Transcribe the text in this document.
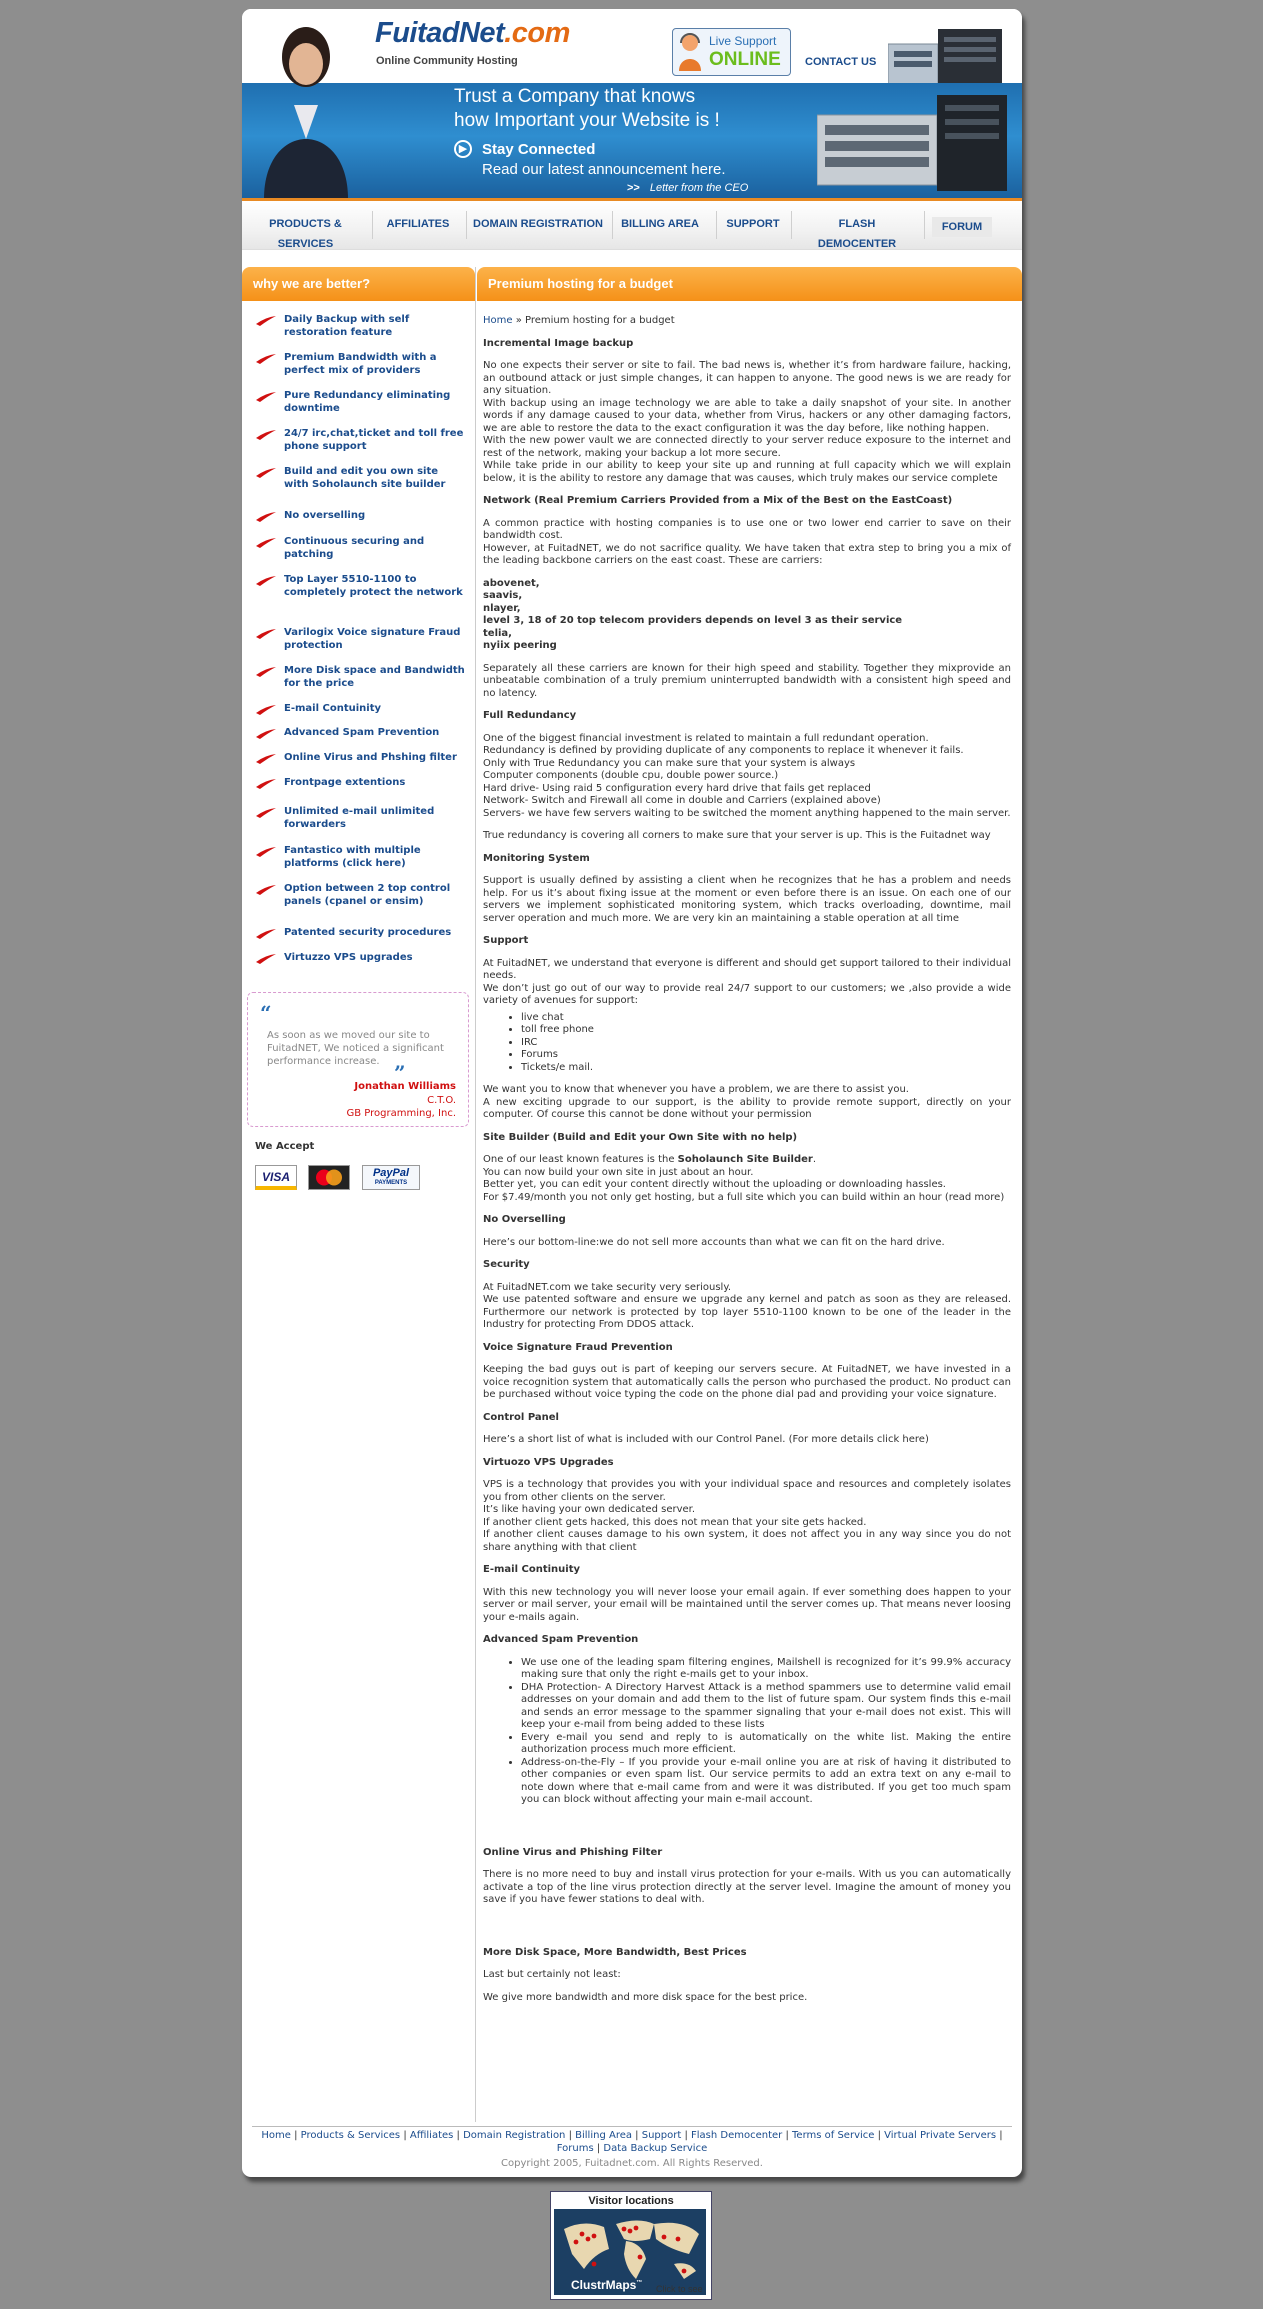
FuitadNet.com
Online Community Hosting
Live Support
ONLINE CONTACT US
Trust a Company that knows
how Important your Website is !
▶ Stay Connected
Read our latest announcement here.
>> Letter from the CEO
PRODUCTS & SERVICES
AFFILIATES	DOMAIN REGISTRATION BILLING AREA	SUPPORT	FLASH DEMOCENTER
FORUM
why we are better?
Daily Backup with self restoration feature
Premium Bandwidth with a perfect mix of providers
Pure Redundancy eliminating downtime
24/7 irc,chat,ticket and toll free phone support
Build and edit you own site with Soholaunch site builder
No overselling
Continuous securing and patching
Top Layer 5510-1100 to completely protect the network
Varilogix Voice signature Fraud protection
More Disk space and Bandwidth for the price
E-mail Contuinity
Advanced Spam Prevention
Online Virus and Phshing filter
Frontpage extentions
Unlimited e-mail unlimited forwarders
Fantastico with multiple platforms (click here)
Option between 2 top control panels (cpanel or ensim)
Patented security procedures
Virtuzzo VPS upgrades
“
As soon as we moved our site to FuitadNET, We noticed a significant performance increase. ”
Jonathan Williams
C.T.O.
GB Programming, Inc.
We Accept
VISA	PayPal
PAYMENTS
Premium hosting for a budget

Home » Premium hosting for a budget

Incremental Image backup

No one expects their server or site to fail. The bad news is, whether it’s from hardware failure, hacking, an outbound attack or just simple changes, it can happen to anyone. The good news is we are ready for any situation.
With backup using an image technology we are able to take a daily snapshot of your site. In another words if any damage caused to your data, whether from Virus, hackers or any other damaging factors, we are able to restore the data to the exact configuration it was the day before, like nothing happen.
With the new power vault we are connected directly to your server reduce exposure to the internet and rest of the network, making your backup a lot more secure.
While take pride in our ability to keep your site up and running at full capacity which we will explain below, it is the ability to restore any damage that was causes, which truly makes our service complete

Network (Real Premium Carriers Provided from a Mix of the Best on the EastCoast)

A common practice with hosting companies is to use one or two lower end carrier to save on their bandwidth cost.
However, at FuitadNET, we do not sacrifice quality. We have taken that extra step to bring you a mix of the leading backbone carriers on the east coast. These are carriers:

abovenet,
saavis,
nlayer,
level 3, 18 of 20 top telecom providers depends on level 3 as their service
telia,
nyiix peering

Separately all these carriers are known for their high speed and stability. Together they mixprovide an unbeatable combination of a truly premium uninterrupted bandwidth with a consistent high speed and no latency.

Full Redundancy

One of the biggest financial investment is related to maintain a full redundant operation.
Redundancy is defined by providing duplicate of any components to replace it whenever it fails.
Only with True Redundancy you can make sure that your system is always
Computer components (double cpu, double power source.)
Hard drive- Using raid 5 configuration every hard drive that fails get replaced
Network- Switch and Firewall all come in double and Carriers (explained above)
Servers- we have few servers waiting to be switched the moment anything happened to the main server.

True redundancy is covering all corners to make sure that your server is up. This is the Fuitadnet way

Monitoring System

Support is usually defined by assisting a client when he recognizes that he has a problem and needs help. For us it’s about fixing issue at the moment or even before there is an issue. On each one of our servers we implement sophisticated monitoring system, which tracks overloading, downtime, mail server operation and much more. We are very kin an maintaining a stable operation at all time

Support

At FuitadNET, we understand that everyone is different and should get support tailored to their individual needs.
We don’t just go out of our way to provide real 24/7 support to our customers; we ,also provide a wide variety of avenues for support:

• live chat
• toll free phone
• IRC
• Forums
• Tickets/e mail.

We want you to know that whenever you have a problem, we are there to assist you.
A new exciting upgrade to our support, is the ability to provide remote support, directly on your computer. Of course this cannot be done without your permission

Site Builder (Build and Edit your Own Site with no help)

One of our least known features is the Soholaunch Site Builder.
You can now build your own site in just about an hour.
Better yet, you can edit your content directly without the uploading or downloading hassles.
For $7.49/month you not only get hosting, but a full site which you can build within an hour (read more)

No Overselling

Here’s our bottom-line:we do not sell more accounts than what we can fit on the hard drive.

Security

At FuitadNET.com we take security very seriously.
We use patented software and ensure we upgrade any kernel and patch as soon as they are released. Furthermore our network is protected by top layer 5510-1100 known to be one of the leader in the Industry for protecting From DDOS attack.

Voice Signature Fraud Prevention

Keeping the bad guys out is part of keeping our servers secure. At FuitadNET, we have invested in a voice recognition system that automatically calls the person who purchased the product. No product can be purchased without voice typing the code on the phone dial pad and providing your voice signature.

Control Panel

Here’s a short list of what is included with our Control Panel. (For more details click here)

Virtuozo VPS Upgrades

VPS is a technology that provides you with your individual space and resources and completely isolates you from other clients on the server.
It’s like having your own dedicated server.
If another client gets hacked, this does not mean that your site gets hacked.
If another client causes damage to his own system, it does not affect you in any way since you do not share anything with that client

E-mail Continuity

With this new technology you will never loose your email again. If ever something does happen to your server or mail server, your email will be maintained until the server comes up. That means never loosing your e-mails again.

Advanced Spam Prevention
• We use one of the leading spam filtering engines, Mailshell is recognized for it’s 99.9% accuracy making sure that only the right e-mails get to your inbox.
• DHA Protection- A Directory Harvest Attack is a method spammers use to determine valid email addresses on your domain and add them to the list of future spam. Our system finds this e-mail and sends an error message to the spammer signaling that your e-mail does not exist. This will keep your e-mail from being added to these lists
• Every e-mail you send and reply to is automatically on the white list. Making the entire authorization process much more efficient.
• Address-on-the-Fly – If you provide your e-mail online you are at risk of having it distributed to other companies or even spam list. Our service permits to add an extra text on any e-mail to note down where that e-mail came from and were it was distributed. If you get too much spam you can block without affecting your main e-mail account.
Online Virus and Phishing Filter

There is no more need to buy and install virus protection for your e-mails. With us you can automatically activate a top of the line virus protection directly at the server level. Imagine the amount of money you save if you have fewer stations to deal with.

More Disk Space, More Bandwidth, Best Prices

Last but certainly not least:

We give more bandwidth and more disk space for the best price.

Home | Products & Services | Affiliates | Domain Registration | Billing Area | Support | Flash Democenter | Terms of Service | Virtual Private Servers | Forums | Data Backup Service
Copyright 2005, Fuitadnet.com. All Rights Reserved.
Visitor locations
ClustrMaps™
Click to see
